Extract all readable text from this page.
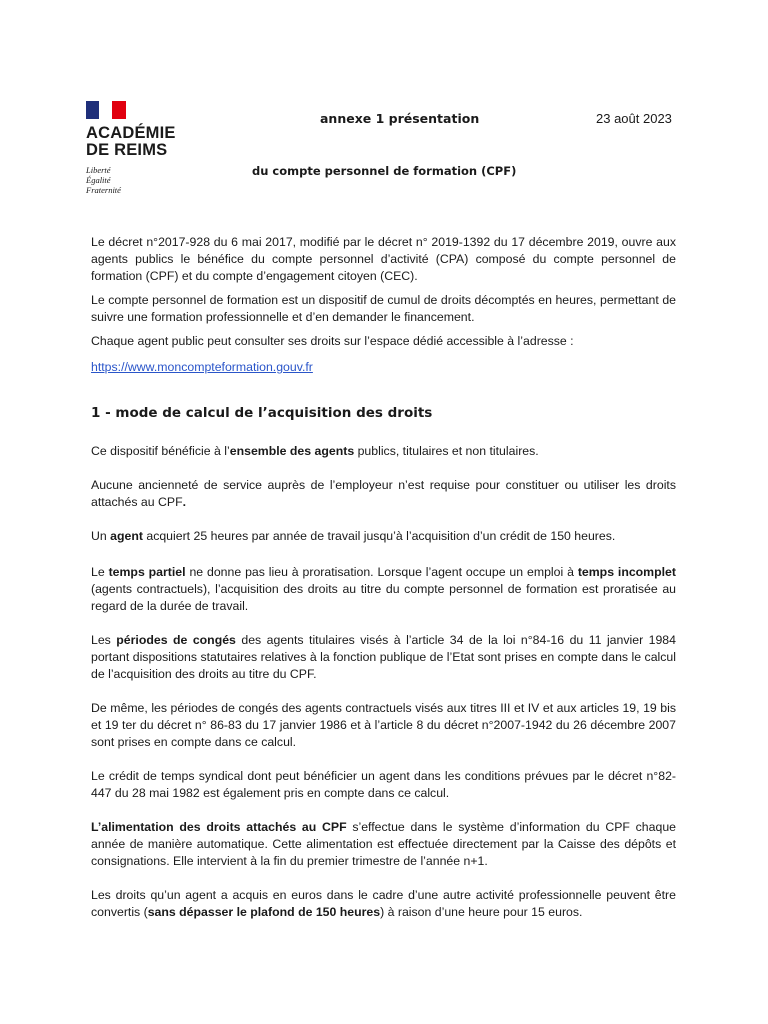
ACADÉMIE
DE REIMS
Liberté
Égalité
Fraternité
annexe 1 présentation	23 août 2023
du compte personnel de formation (CPF)

Le décret n°2017-928 du 6 mai 2017, modifié par le décret n° 2019-1392 du 17 décembre 2019, ouvre aux agents publics le bénéfice du compte personnel d’activité (CPA) composé du compte personnel de formation (CPF) et du compte d’engagement citoyen (CEC).

Le compte personnel de formation est un dispositif de cumul de droits décomptés en heures, permettant de suivre une formation professionnelle et d’en demander le financement.

Chaque agent public peut consulter ses droits sur l’espace dédié accessible à l’adresse :

https://www.moncompteformation.gouv.fr
1 - mode de calcul de l’acquisition des droits

Ce dispositif bénéficie à l’ensemble des agents publics, titulaires et non titulaires.

Aucune ancienneté de service auprès de l’employeur n’est requise pour constituer ou utiliser les droits attachés au CPF.

Un agent acquiert 25 heures par année de travail jusqu’à l’acquisition d’un crédit de 150 heures.

Le temps partiel ne donne pas lieu à proratisation. Lorsque l’agent occupe un emploi à temps incomplet (agents contractuels), l’acquisition des droits au titre du compte personnel de formation est proratisée au regard de la durée de travail.

Les périodes de congés des agents titulaires visés à l’article 34 de la loi n°84-16 du 11 janvier 1984 portant dispositions statutaires relatives à la fonction publique de l’Etat sont prises en compte dans le calcul de l’acquisition des droits au titre du CPF.

De même, les périodes de congés des agents contractuels visés aux titres III et IV et aux articles 19, 19 bis et 19 ter du décret n° 86-83 du 17 janvier 1986 et à l’article 8 du décret n°2007-1942 du 26 décembre 2007 sont prises en compte dans ce calcul.

Le crédit de temps syndical dont peut bénéficier un agent dans les conditions prévues par le décret n°82-447 du 28 mai 1982 est également pris en compte dans ce calcul.

L’alimentation des droits attachés au CPF s’effectue dans le système d’information du CPF chaque année de manière automatique. Cette alimentation est effectuée directement par la Caisse des dépôts et consignations. Elle intervient à la fin du premier trimestre de l’année n+1.

Les droits qu’un agent a acquis en euros dans le cadre d’une autre activité professionnelle peuvent être convertis (sans dépasser le plafond de 150 heures) à raison d’une heure pour 15 euros.
